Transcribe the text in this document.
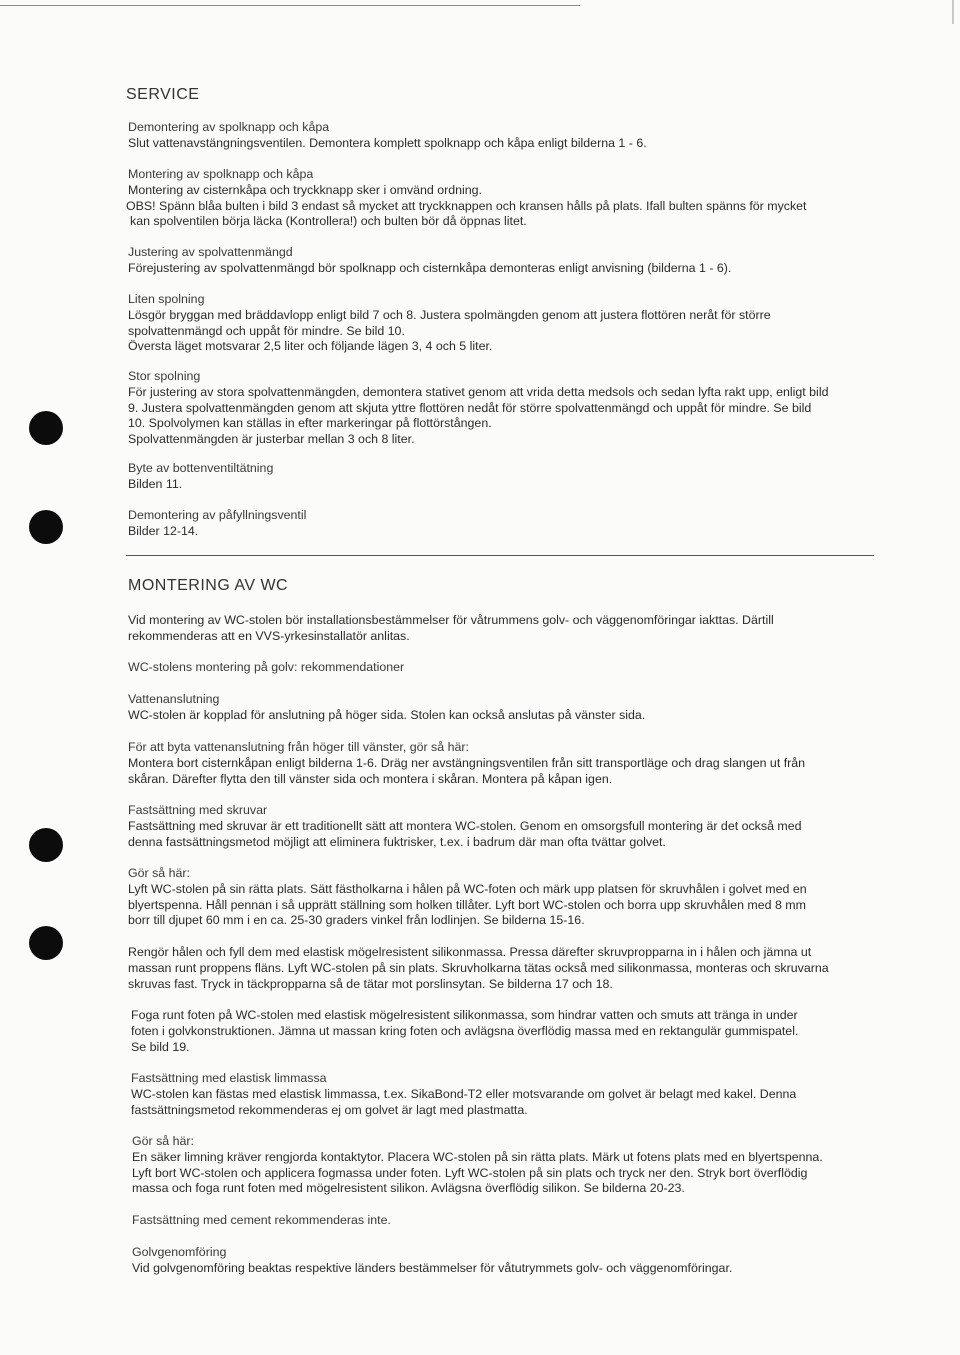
SERVICE
Demontering av spolknapp och kåpa
Slut vattenavstängningsventilen. Demontera komplett spolknapp och kåpa enligt bilderna 1 - 6.
Montering av spolknapp och kåpa
Montering av cisternkåpa och tryckknapp sker i omvänd ordning.
OBS! Spänn blåa bulten i bild 3 endast så mycket att tryckknappen och kransen hålls på plats. Ifall bulten spänns för mycket
kan spolventilen börja läcka (Kontrollera!) och bulten bör då öppnas litet.
Justering av spolvattenmängd
Förejustering av spolvattenmängd bör spolknapp och cisternkåpa demonteras enligt anvisning (bilderna 1 - 6).
Liten spolning
Lösgör bryggan med bräddavlopp enligt bild 7 och 8. Justera spolmängden genom att justera flottören neråt för större
spolvattenmängd och uppåt för mindre. Se bild 10.
Översta läget motsvarar 2,5 liter och följande lägen 3, 4 och 5 liter.
Stor spolning
För justering av stora spolvattenmängden, demontera stativet genom att vrida detta medsols och sedan lyfta rakt upp, enligt bild
9. Justera spolvattenmängden genom att skjuta yttre flottören nedåt för större spolvattenmängd och uppåt för mindre. Se bild
10. Spolvolymen kan ställas in efter markeringar på flottörstången.
Spolvattenmängden är justerbar mellan 3 och 8 liter.
Byte av bottenventiltätning
Bilden 11.
Demontering av påfyllningsventil
Bilder 12-14.
MONTERING AV WC
Vid montering av WC-stolen bör installationsbestämmelser för våtrummens golv- och väggenomföringar iakttas. Därtill
rekommenderas att en VVS-yrkesinstallatör anlitas.
WC-stolens montering på golv: rekommendationer
Vattenanslutning
WC-stolen är kopplad för anslutning på höger sida. Stolen kan också anslutas på vänster sida.
För att byta vattenanslutning från höger till vänster, gör så här:
Montera bort cisternkåpan enligt bilderna 1-6. Dräg ner avstängningsventilen från sitt transportläge och drag slangen ut från
skåran. Därefter flytta den till vänster sida och montera i skåran. Montera på kåpan igen.
Fastsättning med skruvar
Fastsättning med skruvar är ett traditionellt sätt att montera WC-stolen. Genom en omsorgsfull montering är det också med
denna fastsättningsmetod möjligt att eliminera fuktrisker, t.ex. i badrum där man ofta tvättar golvet.
Gör så här:
Lyft WC-stolen på sin rätta plats. Sätt fästholkarna i hålen på WC-foten och märk upp platsen för skruvhålen i golvet med en
blyertspenna. Håll pennan i så upprätt ställning som holken tillåter. Lyft bort WC-stolen och borra upp skruvhålen med 8 mm
borr till djupet 60 mm i en ca. 25-30 graders vinkel från lodlinjen. Se bilderna 15-16.
Rengör hålen och fyll dem med elastisk mögelresistent silikonmassa. Pressa därefter skruvpropparna in i hålen och jämna ut
massan runt proppens fläns. Lyft WC-stolen på sin plats. Skruvholkarna tätas också med silikonmassa, monteras och skruvarna
skruvas fast. Tryck in täckpropparna så de tätar mot porslinsytan. Se bilderna 17 och 18.
Foga runt foten på WC-stolen med elastisk mögelresistent silikonmassa, som hindrar vatten och smuts att tränga in under
foten i golvkonstruktionen. Jämna ut massan kring foten och avlägsna överflödig massa med en rektangulär gummispatel.
Se bild 19.
Fastsättning med elastisk limmassa
WC-stolen kan fästas med elastisk limmassa, t.ex. SikaBond-T2 eller motsvarande om golvet är belagt med kakel. Denna
fastsättningsmetod rekommenderas ej om golvet är lagt med plastmatta.
Gör så här:
En säker limning kräver rengjorda kontaktytor. Placera WC-stolen på sin rätta plats. Märk ut fotens plats med en blyertspenna.
Lyft bort WC-stolen och applicera fogmassa under foten. Lyft WC-stolen på sin plats och tryck ner den. Stryk bort överflödig
massa och foga runt foten med mögelresistent silikon. Avlägsna överflödig silikon. Se bilderna 20-23.
Fastsättning med cement rekommenderas inte.
Golvgenomföring
Vid golvgenomföring beaktas respektive länders bestämmelser för våtutrymmets golv- och väggenomföringar.
